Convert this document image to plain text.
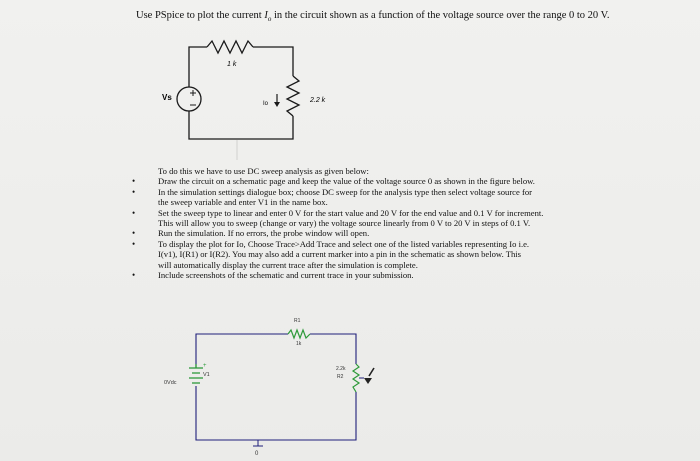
Use PSpice to plot the current $I_o$ in the circuit shown as a function of the voltage source over the range 0 to 20 V.
Vs
1 k
Io	2.2 k
To do this we have to use DC sweep analysis as given below:
•	Draw the circuit on a schematic page and keep the value of the voltage source 0 as shown in the figure below.
•	In the simulation settings dialogue box; choose DC sweep for the analysis type then select voltage source for
the sweep variable and enter V1 in the name box.
•	Set the sweep type to linear and enter 0 V for the start value and 20 V for the end value and 0.1 V for increment.
This will allow you to sweep (change or vary) the voltage source linearly from 0 V to 20 V in steps of 0.1 V.
•	Run the simulation. If no errors, the probe window will open.
•	To display the plot for Io, Choose Trace>Add Trace and select one of the listed variables representing Io i.e.
I(v1), I(R1) or I(R2). You may also add a current marker into a pin in the schematic as shown below. This
will automatically display the current trace after the simulation is complete.
•	Include screenshots of the schematic and current trace in your submission.
+
R1
1k
2.2k
R2
V1
0Vdc
0
